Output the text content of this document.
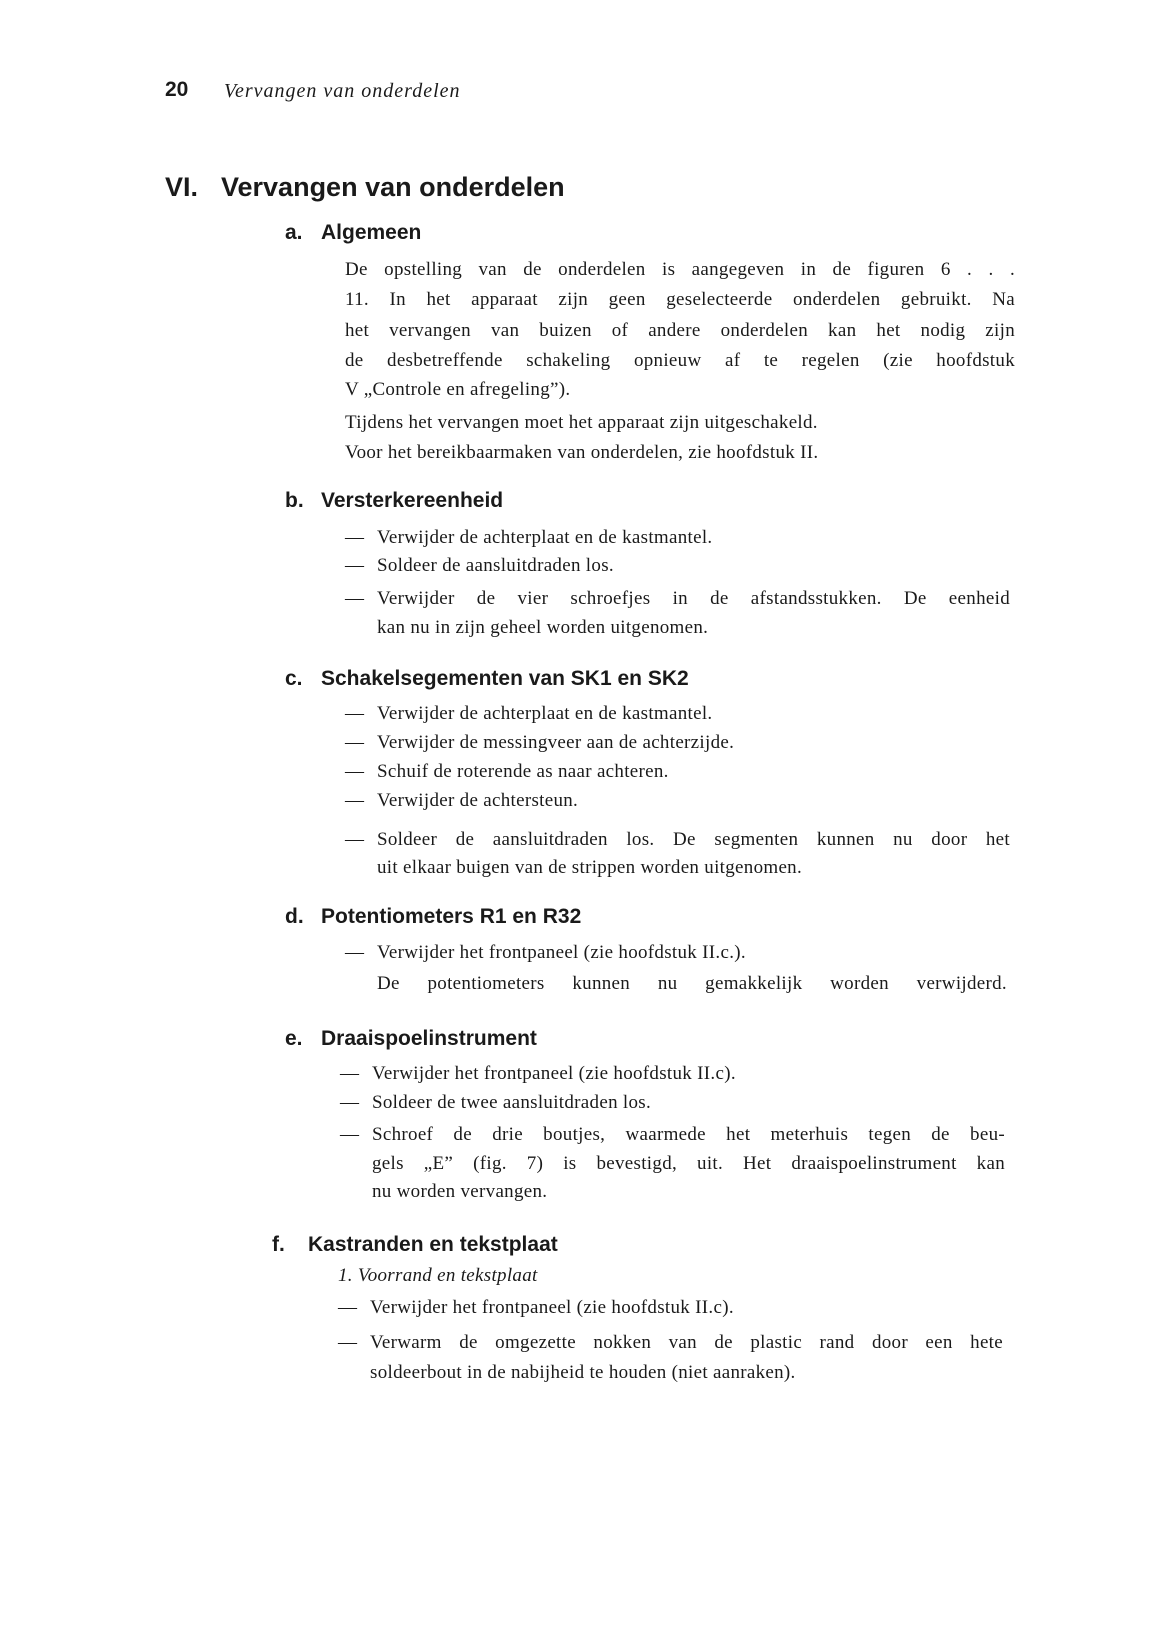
20 Vervangen van onderdelen
VI. Vervangen van onderdelen
a. Algemeen
De opstelling van de onderdelen is aangegeven in de figuren 6 . . .
11. In het apparaat zijn geen geselecteerde onderdelen gebruikt. Na
het vervangen van buizen of andere onderdelen kan het nodig zijn
de desbetreffende schakeling opnieuw af te regelen (zie hoofdstuk
V „Controle en afregeling”).
Tijdens het vervangen moet het apparaat zijn uitgeschakeld.
Voor het bereikbaarmaken van onderdelen, zie hoofdstuk II.
b. Versterkereenheid
— Verwijder de achterplaat en de kastmantel.
— Soldeer de aansluitdraden los.
— Verwijder de vier schroefjes in de afstandsstukken. De eenheid
kan nu in zijn geheel worden uitgenomen.
c. Schakelsegementen van SK1 en SK2
— Verwijder de achterplaat en de kastmantel.
— Verwijder de messingveer aan de achterzijde.
— Schuif de roterende as naar achteren.
— Verwijder de achtersteun.
— Soldeer de aansluitdraden los. De segmenten kunnen nu door het
uit elkaar buigen van de strippen worden uitgenomen.
d. Potentiometers R1 en R32
— Verwijder het frontpaneel (zie hoofdstuk II.c.).
De potentiometers kunnen nu gemakkelijk worden verwijderd.
e. Draaispoelinstrument
— Verwijder het frontpaneel (zie hoofdstuk II.c).
— Soldeer de twee aansluitdraden los.
— Schroef de drie boutjes, waarmede het meterhuis tegen de beu-
gels „E” (fig. 7) is bevestigd, uit. Het draaispoelinstrument kan
nu worden vervangen.
f. Kastranden en tekstplaat
1. Voorrand en tekstplaat
— Verwijder het frontpaneel (zie hoofdstuk II.c).
— Verwarm de omgezette nokken van de plastic rand door een hete
soldeerbout in de nabijheid te houden (niet aanraken).
